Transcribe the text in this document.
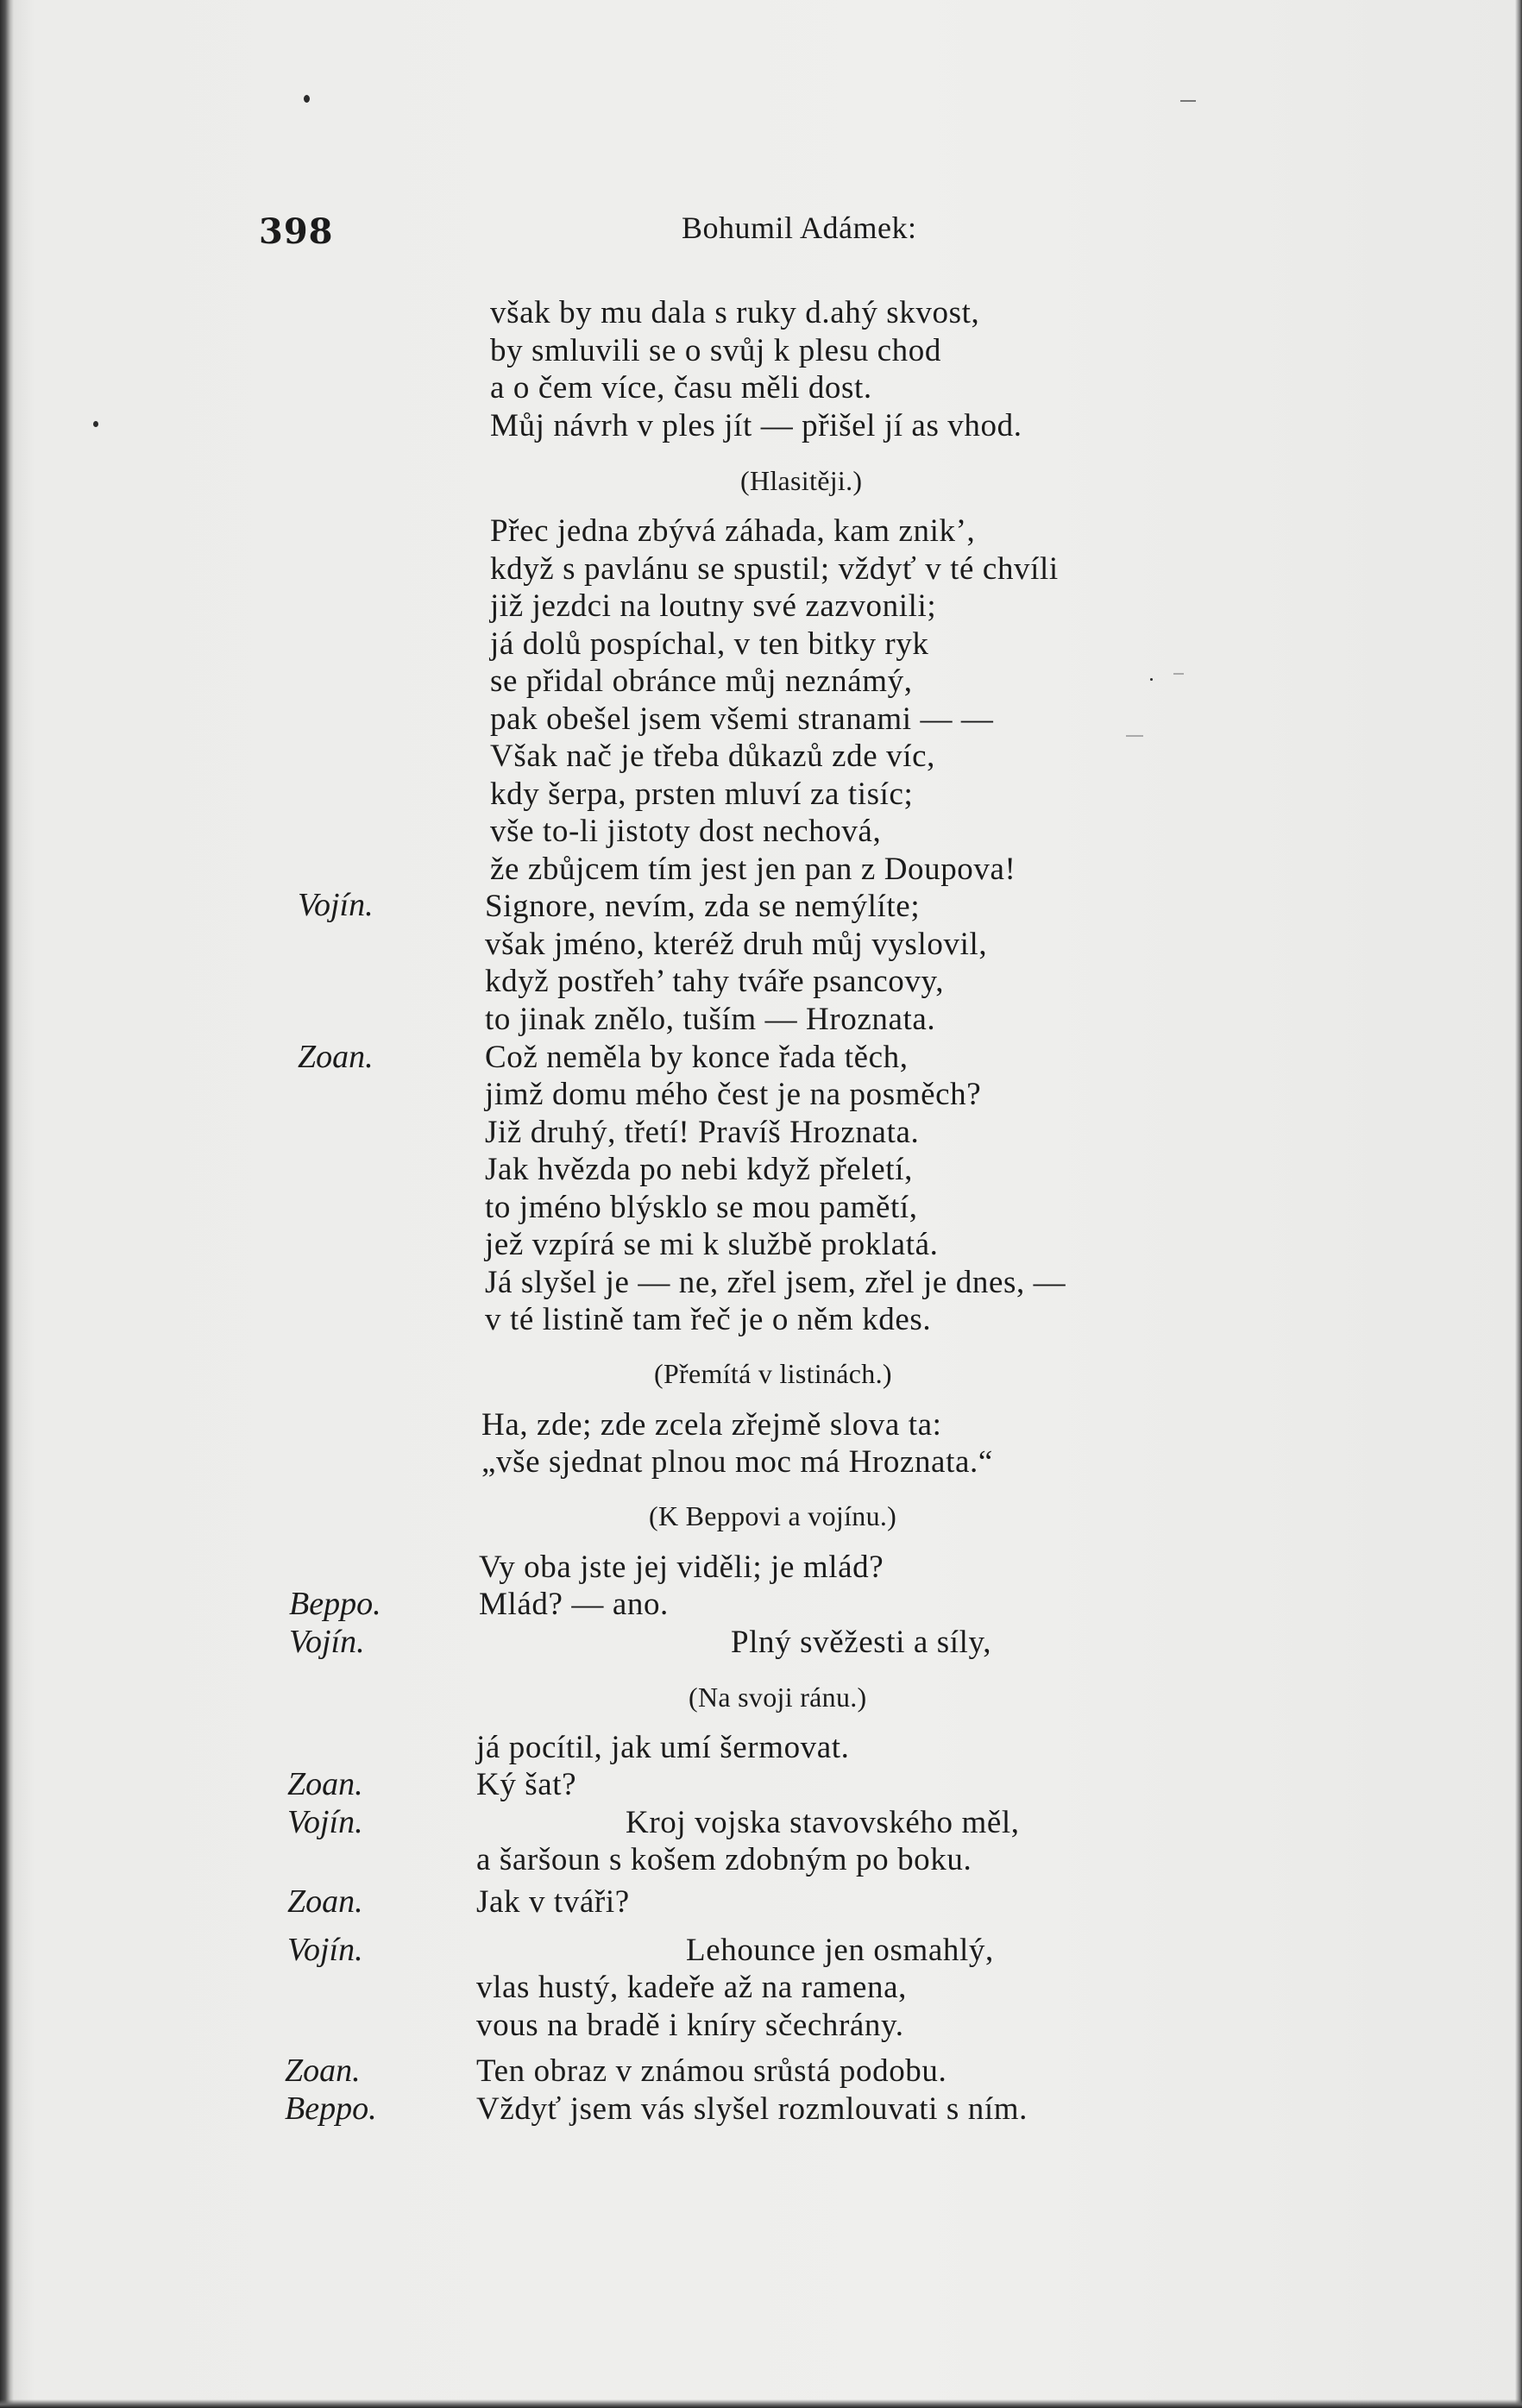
398	Bohumil Adámek:
však by mu dala s ruky d.ahý skvost,
by smluvili se o svůj k plesu chod
a o čem více, času měli dost.
Můj návrh v ples jít — přišel jí as vhod.
(Hlasitěji.)
Přec jedna zbývá záhada, kam znik’,
když s pavlánu se spustil; vždyť v té chvíli
již jezdci na loutny své zazvonili;
já dolů pospíchal, v ten bitky ryk
se přidal obránce můj neznámý,
pak obešel jsem všemi stranami — —
Však nač je třeba důkazů zde víc,
kdy šerpa, prsten mluví za tisíc;
vše to-li jistoty dost nechová,
že zbůjcem tím jest jen pan z Doupova!
Signore, nevím, zda se nemýlíte;
však jméno, kteréž druh můj vyslovil,
když postřeh’ tahy tváře psancovy,
to jinak znělo, tuším — Hroznata.
Což neměla by konce řada těch,
jimž domu mého čest je na posměch?
Již druhý, třetí! Pravíš Hroznata.
Jak hvězda po nebi když přeletí,
to jméno blýsklo se mou pamětí,
jež vzpírá se mi k službě proklatá.
Já slyšel je — ne, zřel jsem, zřel je dnes, —
v té listině tam řeč je o něm kdes.
(Přemítá v listinách.)
Ha, zde; zde zcela zřejmě slova ta:
„vše sjednat plnou moc má Hroznata.“
(K Beppovi a vojínu.)
Vy oba jste jej viděli; je mlád?
Mlád? — ano.
Plný svěžesti a síly,
(Na svoji ránu.)
já pocítil, jak umí šermovat.
Ký šat?
Kroj vojska stavovského měl,
a šaršoun s košem zdobným po boku.
Jak v tváři?
Lehounce jen osmahlý,
vlas hustý, kadeře až na ramena,
vous na bradě i kníry sčechrány.
Ten obraz v známou srůstá podobu.
Vždyť jsem vás slyšel rozmlouvati s ním.
Vojín.
Zoan.
Beppo.
Vojín.
Zoan.
Vojín.
Zoan.
Vojín.
Zoan.
Beppo.
